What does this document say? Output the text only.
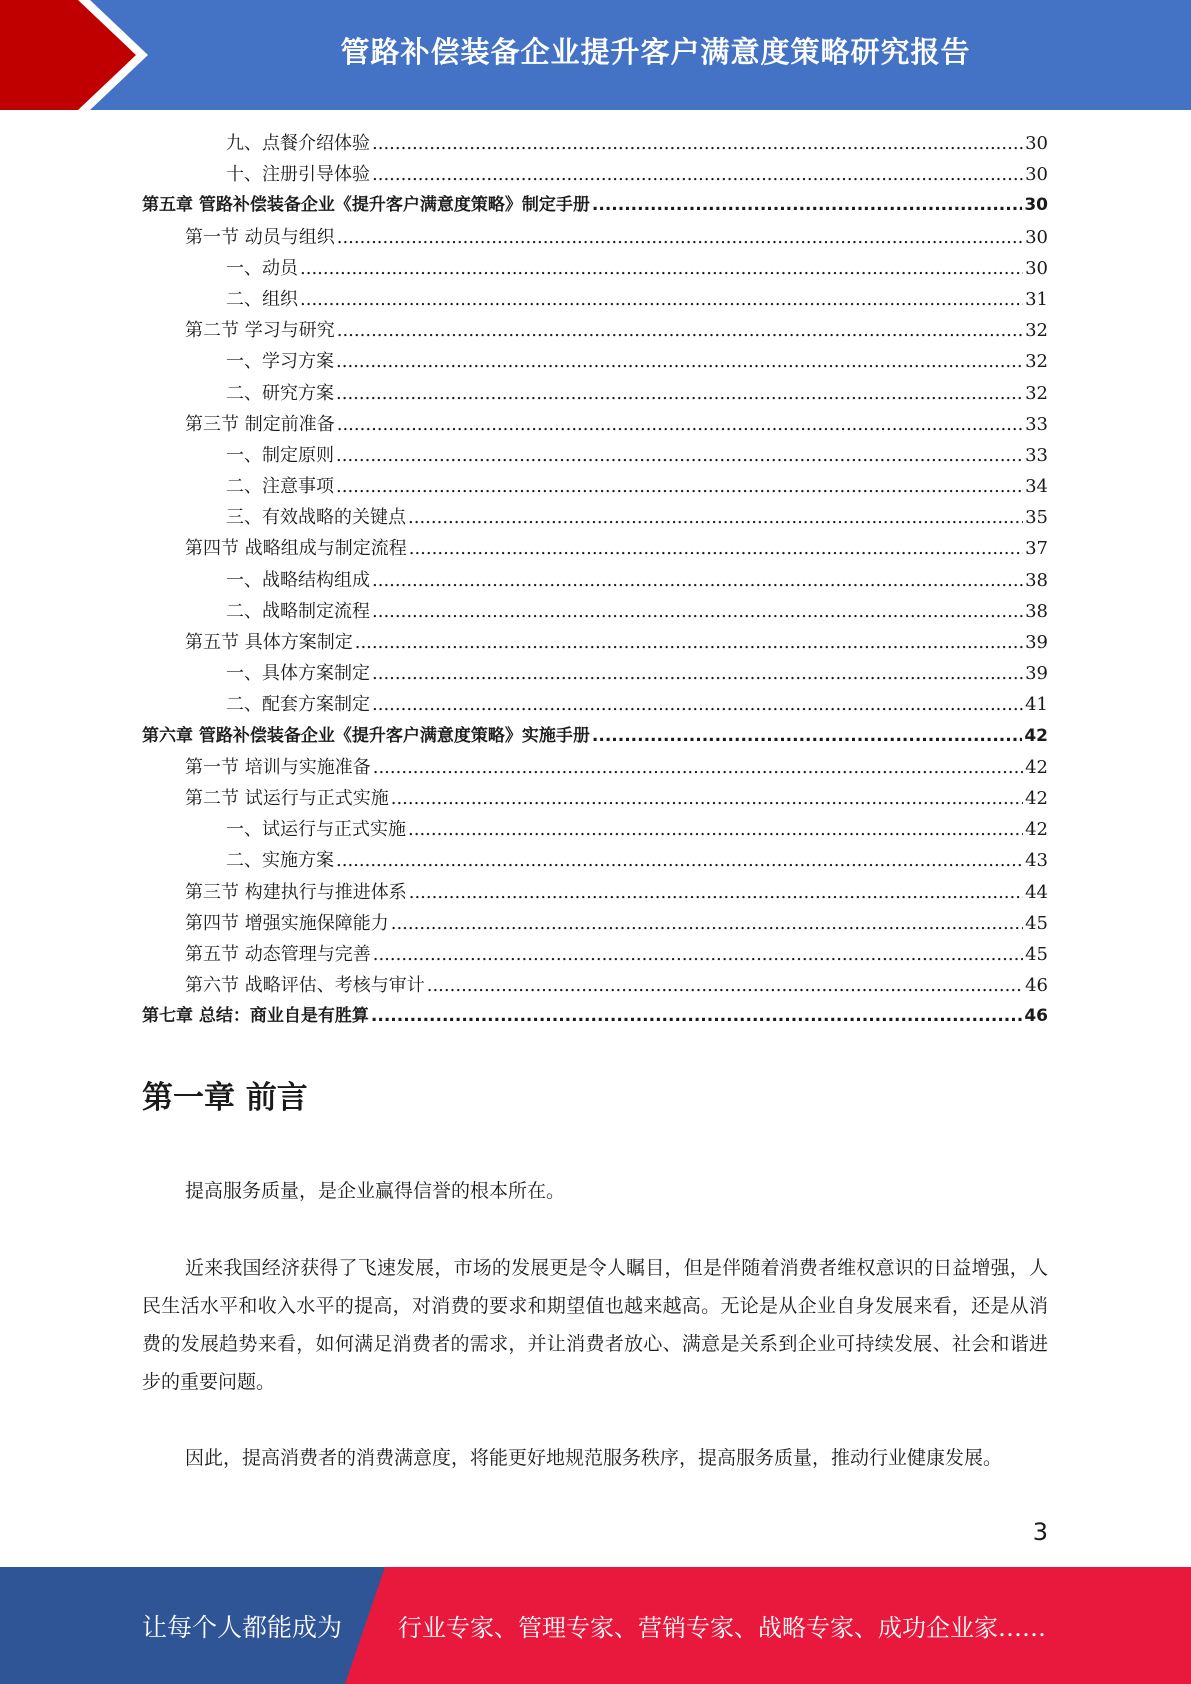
管路补偿装备企业提升客户满意度策略研究报告
九、点餐介绍体验 .....	30
十、注册引导体验 .....	30
第五章 管路补偿装备企业《提升客户满意度策略》制定手册 .....	30
第一节 动员与组织 .....	30
一、动员 .....	30
二、组织 .....	31
第二节 学习与研究 .....	32
一、学习方案 .....	32
二、研究方案 .....	32
第三节 制定前准备 .....	33
一、制定原则 .....	33
二、注意事项 .....	34
三、有效战略的关键点 .....	35
第四节 战略组成与制定流程 .....	37
一、战略结构组成 .....	38
二、战略制定流程 .....	38
第五节 具体方案制定 .....	39
一、具体方案制定 .....	39
二、配套方案制定 .....	41
第六章 管路补偿装备企业《提升客户满意度策略》实施手册 .....	42
第一节 培训与实施准备 .....	42
第二节 试运行与正式实施 .....	42
一、试运行与正式实施 .....	42
二、实施方案 .....	43
第三节 构建执行与推进体系 .....	44
第四节 增强实施保障能力 .....	45
第五节 动态管理与完善 .....	45
第六节 战略评估、考核与审计 .....	46
第七章 总结：商业自是有胜算 .....	46
第一章 前言

提高服务质量，是企业赢得信誉的根本所在。

近来我国经济获得了飞速发展，市场的发展更是令人瞩目，但是伴随着消费者维权意识的日益增强，人民生活水平和收入水平的提高，对消费的要求和期望值也越来越高。无论是从企业自身发展来看，还是从消费的发展趋势来看，如何满足消费者的需求，并让消费者放心、满意是关系到企业可持续发展、社会和谐进步的重要问题。

因此，提高消费者的消费满意度，将能更好地规范服务秩序，提高服务质量，推动行业健康发展。

3
让每个人都能成为 行业专家、管理专家、营销专家、战略专家、成功企业家……
